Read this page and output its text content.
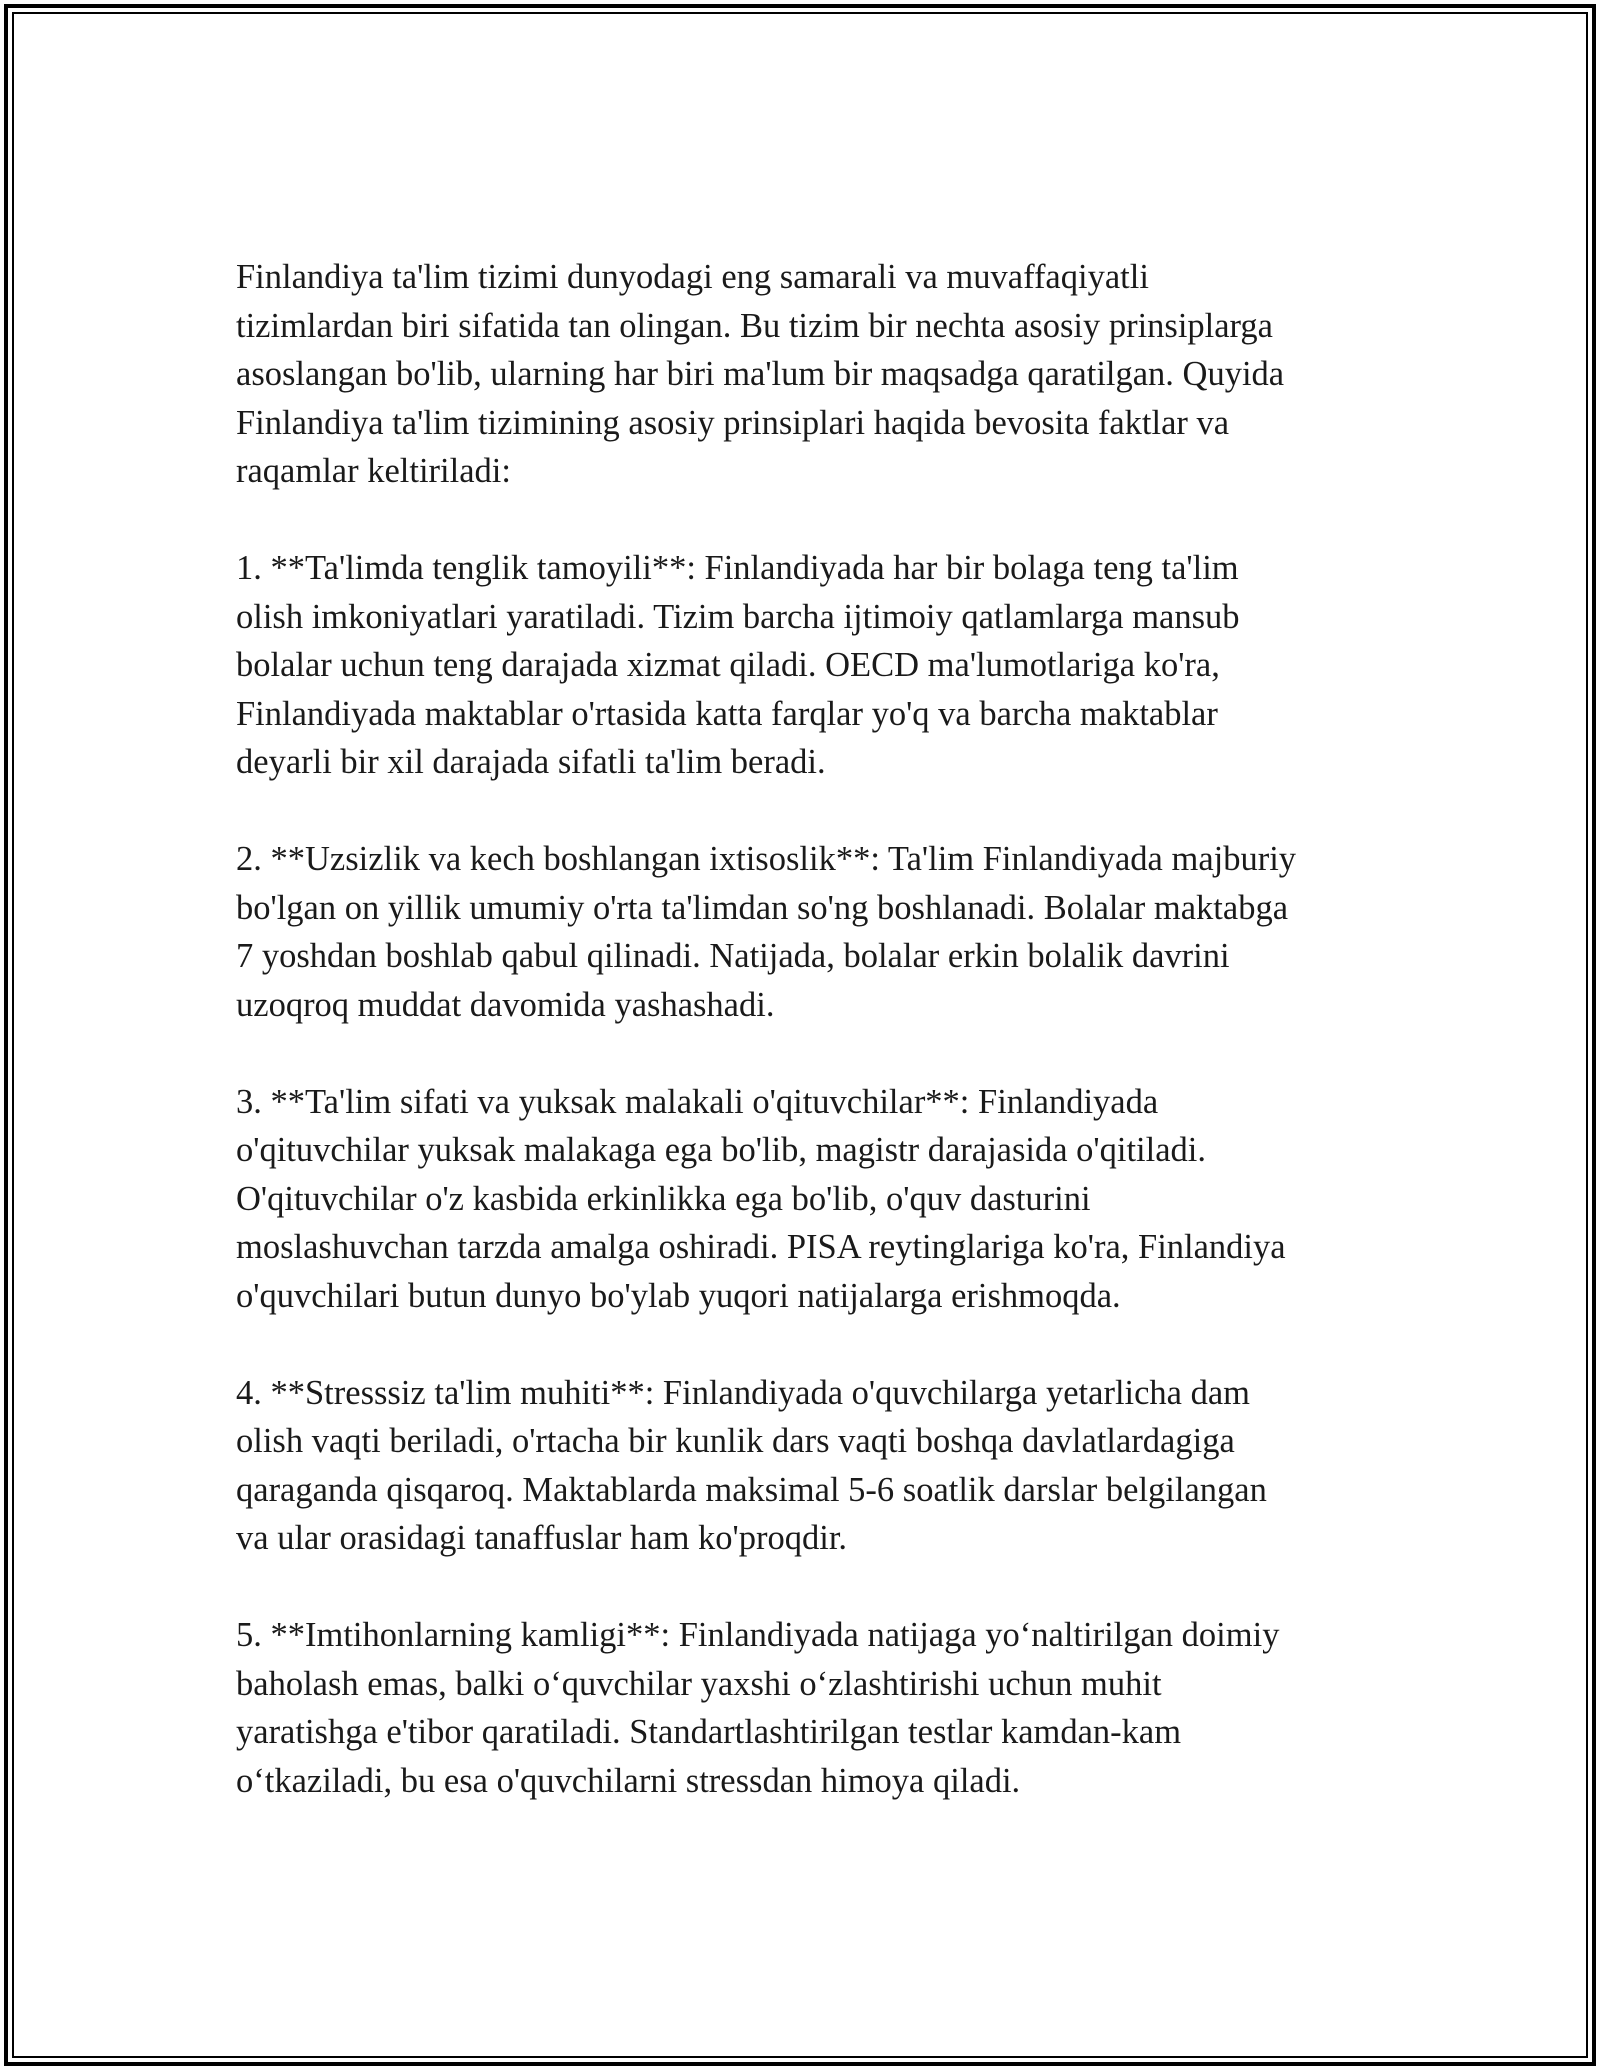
Finlandiya ta'lim tizimi dunyodagi eng samarali va muvaffaqiyatli
tizimlardan biri sifatida tan olingan. Bu tizim bir nechta asosiy prinsiplarga
asoslangan bo'lib, ularning har biri ma'lum bir maqsadga qaratilgan. Quyida
Finlandiya ta'lim tizimining asosiy prinsiplari haqida bevosita faktlar va
raqamlar keltiriladi:

1. **Ta'limda tenglik tamoyili**: Finlandiyada har bir bolaga teng ta'lim
olish imkoniyatlari yaratiladi. Tizim barcha ijtimoiy qatlamlarga mansub
bolalar uchun teng darajada xizmat qiladi. OECD ma'lumotlariga ko'ra,
Finlandiyada maktablar o'rtasida katta farqlar yo'q va barcha maktablar
deyarli bir xil darajada sifatli ta'lim beradi.

2. **Uzsizlik va kech boshlangan ixtisoslik**: Ta'lim Finlandiyada majburiy
bo'lgan on yillik umumiy o'rta ta'limdan so'ng boshlanadi. Bolalar maktabga
7 yoshdan boshlab qabul qilinadi. Natijada, bolalar erkin bolalik davrini
uzoqroq muddat davomida yashashadi.

3. **Ta'lim sifati va yuksak malakali o'qituvchilar**: Finlandiyada
o'qituvchilar yuksak malakaga ega bo'lib, magistr darajasida o'qitiladi.
O'qituvchilar o'z kasbida erkinlikka ega bo'lib, o'quv dasturini
moslashuvchan tarzda amalga oshiradi. PISA reytinglariga ko'ra, Finlandiya
o'quvchilari butun dunyo bo'ylab yuqori natijalarga erishmoqda.

4. **Stresssiz ta'lim muhiti**: Finlandiyada o'quvchilarga yetarlicha dam
olish vaqti beriladi, o'rtacha bir kunlik dars vaqti boshqa davlatlardagiga
qaraganda qisqaroq. Maktablarda maksimal 5-6 soatlik darslar belgilangan
va ular orasidagi tanaffuslar ham ko'proqdir.

5. **Imtihonlarning kamligi**: Finlandiyada natijaga yo‘naltirilgan doimiy
baholash emas, balki o‘quvchilar yaxshi o‘zlashtirishi uchun muhit
yaratishga e'tibor qaratiladi. Standartlashtirilgan testlar kamdan-kam
o‘tkaziladi, bu esa o'quvchilarni stressdan himoya qiladi.
